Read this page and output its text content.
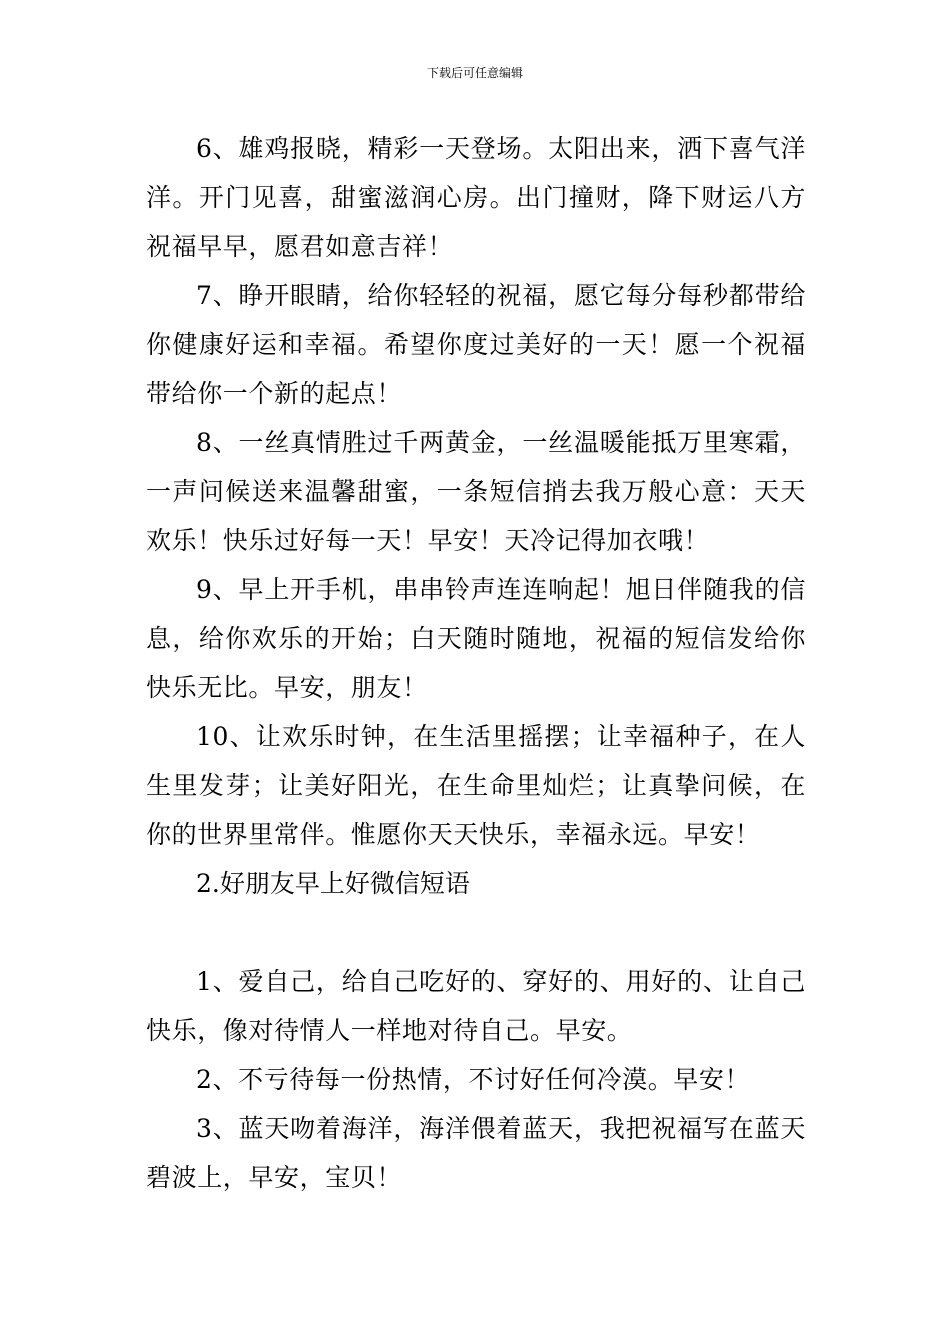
下载后可任意编辑

6、雄鸡报晓，精彩一天登场。太阳出来，洒下喜气洋洋。开门见喜，甜蜜滋润心房。出门撞财，降下财运八方祝福早早，愿君如意吉祥！

7、睁开眼睛，给你轻轻的祝福，愿它每分每秒都带给你健康好运和幸福。希望你度过美好的一天！愿一个祝福带给你一个新的起点！

8、一丝真情胜过千两黄金，一丝温暖能抵万里寒霜，一声问候送来温馨甜蜜，一条短信捎去我万般心意：天天欢乐！快乐过好每一天！早安！天冷记得加衣哦！

9、早上开手机，串串铃声连连响起！旭日伴随我的信息，给你欢乐的开始；白天随时随地，祝福的短信发给你快乐无比。早安，朋友！

10、让欢乐时钟，在生活里摇摆；让幸福种子，在人生里发芽；让美好阳光，在生命里灿烂；让真挚问候，在你的世界里常伴。惟愿你天天快乐，幸福永远。早安！

2.好朋友早上好微信短语

1、爱自己，给自己吃好的、穿好的、用好的、让自己快乐，像对待情人一样地对待自己。早安。

2、不亏待每一份热情，不讨好任何冷漠。早安！

3、蓝天吻着海洋，海洋偎着蓝天，我把祝福写在蓝天碧波上，早安，宝贝！
